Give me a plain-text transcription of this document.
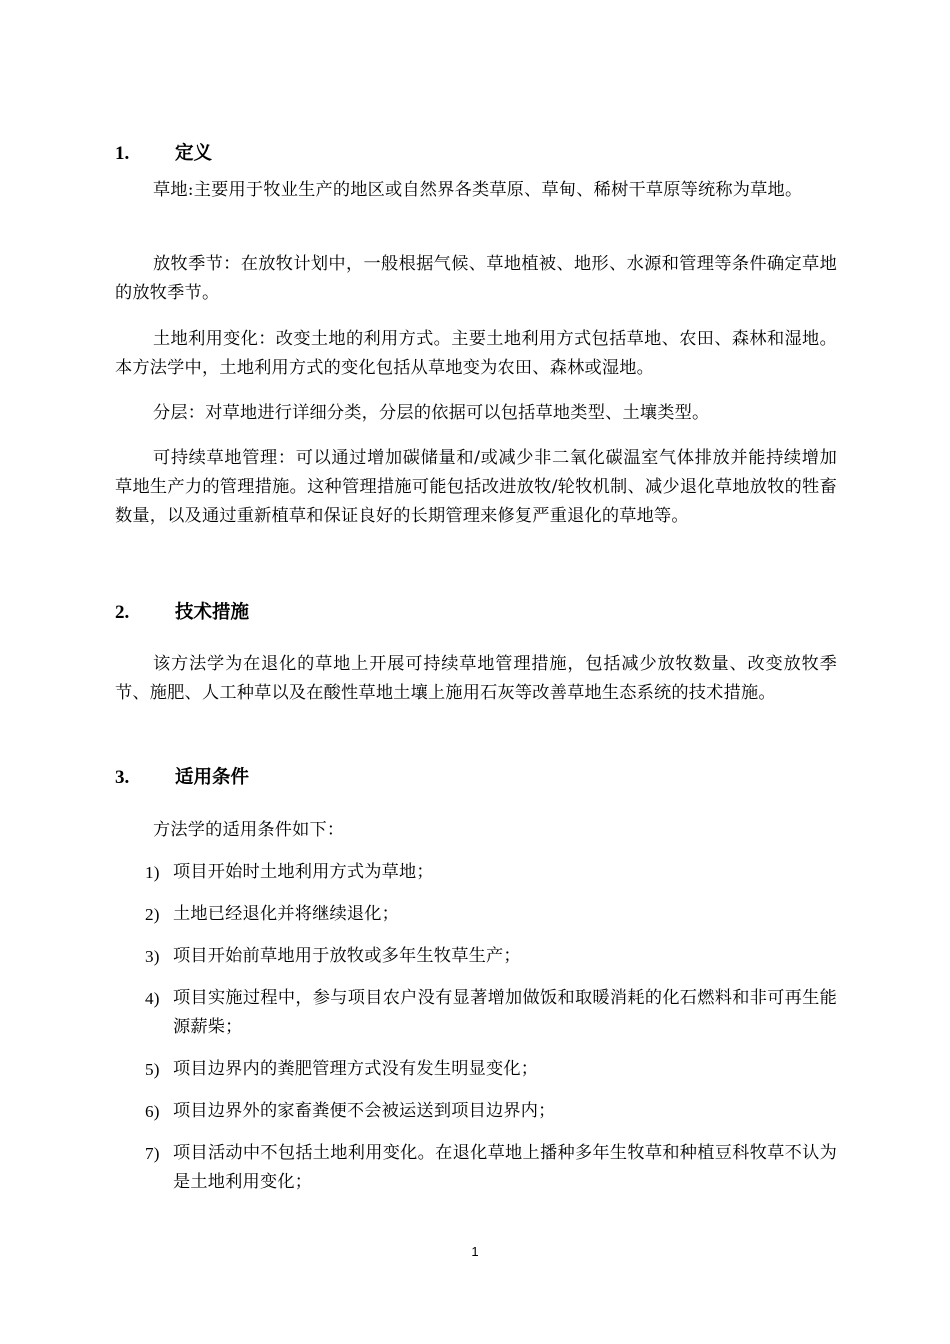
1. 定义

草地:主要用于牧业生产的地区或自然界各类草原、草甸、稀树干草原等统称为草地。

放牧季节：在放牧计划中，一般根据气候、草地植被、地形、水源和管理等条件确定草地的放牧季节。

土地利用变化：改变土地的利用方式。主要土地利用方式包括草地、农田、森林和湿地。本方法学中，土地利用方式的变化包括从草地变为农田、森林或湿地。

分层：对草地进行详细分类，分层的依据可以包括草地类型、土壤类型。

可持续草地管理：可以通过增加碳储量和/或减少非二氧化碳温室气体排放并能持续增加草地生产力的管理措施。这种管理措施可能包括改进放牧/轮牧机制、减少退化草地放牧的牲畜数量，以及通过重新植草和保证良好的长期管理来修复严重退化的草地等。

2. 技术措施

该方法学为在退化的草地上开展可持续草地管理措施，包括减少放牧数量、改变放牧季节、施肥、人工种草以及在酸性草地土壤上施用石灰等改善草地生态系统的技术措施。

3. 适用条件

方法学的适用条件如下：

1) 项目开始时土地利用方式为草地；
2) 土地已经退化并将继续退化；
3) 项目开始前草地用于放牧或多年生牧草生产；
4) 项目实施过程中，参与项目农户没有显著增加做饭和取暖消耗的化石燃料和非可再生能源薪柴；
5) 项目边界内的粪肥管理方式没有发生明显变化；
6) 项目边界外的家畜粪便不会被运送到项目边界内；
7) 项目活动中不包括土地利用变化。在退化草地上播种多年生牧草和种植豆科牧草不认为是土地利用变化；
1
